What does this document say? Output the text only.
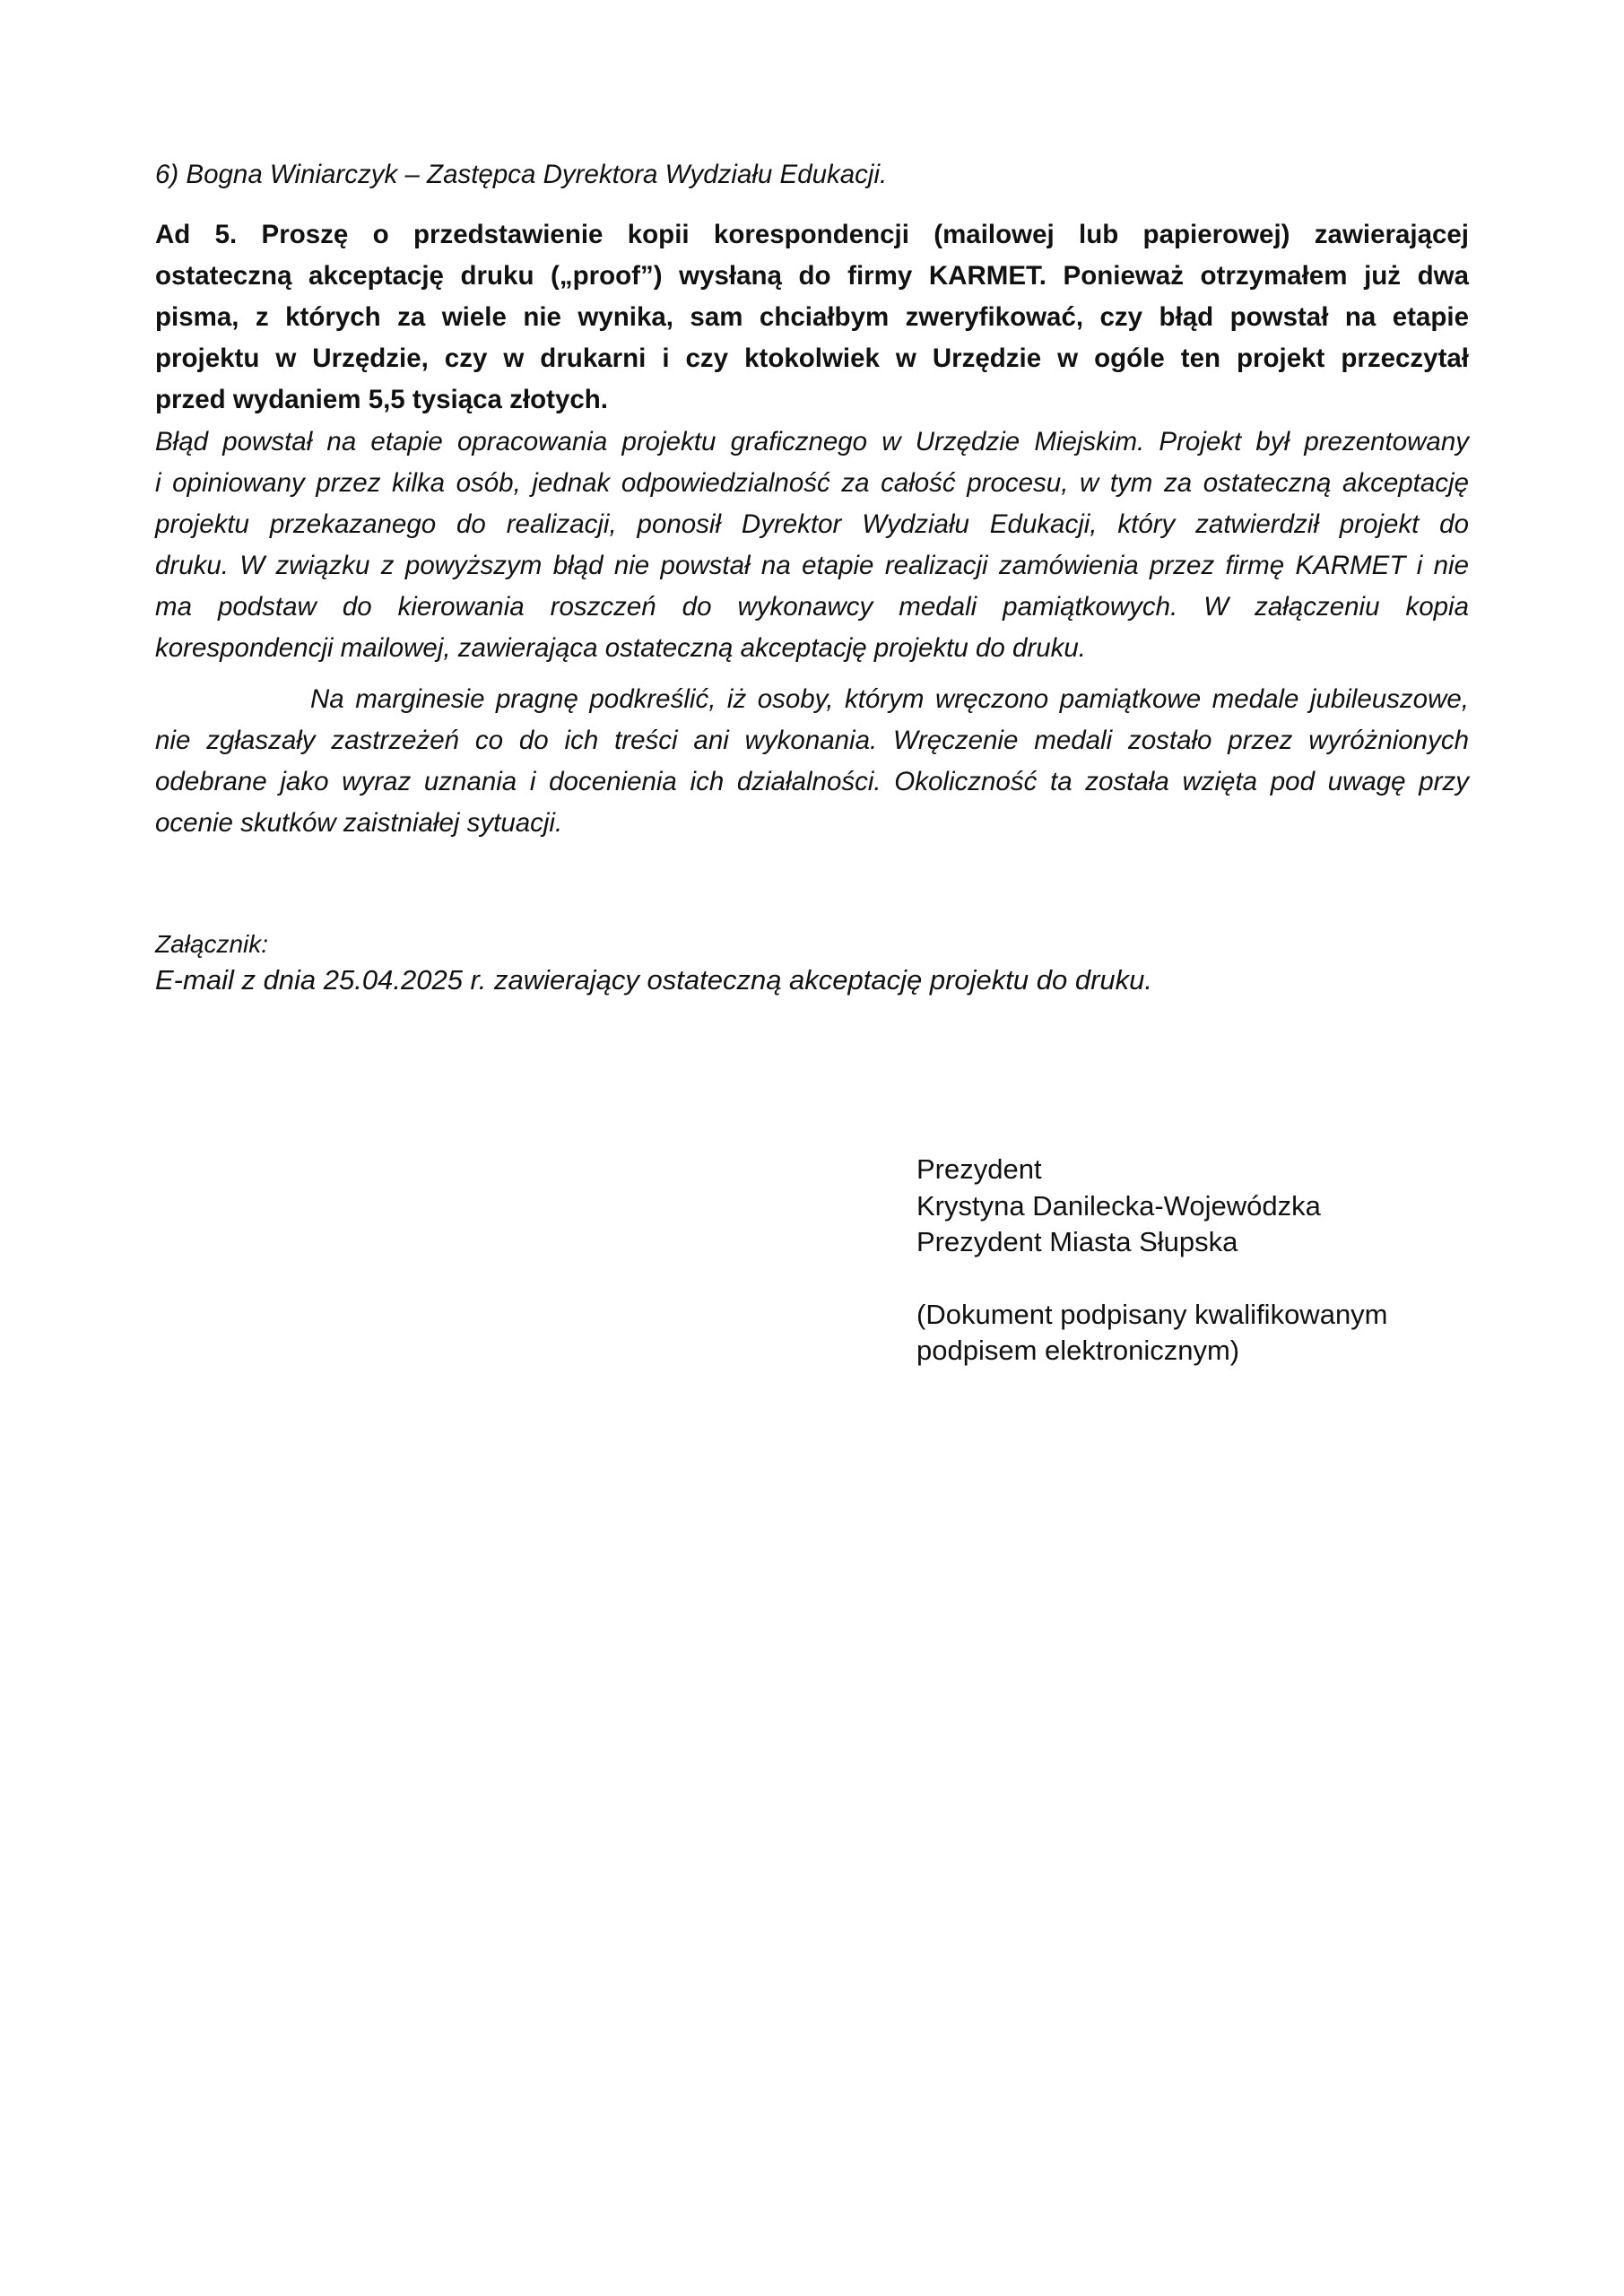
6) Bogna Winiarczyk – Zastępca Dyrektora Wydziału Edukacji.
Ad 5. Proszę o przedstawienie kopii korespondencji (mailowej lub papierowej) zawierającej
ostateczną akceptację druku („proof”) wysłaną do firmy KARMET. Ponieważ otrzymałem już dwa
pisma, z których za wiele nie wynika, sam chciałbym zweryfikować, czy błąd powstał na etapie
projektu w Urzędzie, czy w drukarni i czy ktokolwiek w Urzędzie w ogóle ten projekt przeczytał
przed wydaniem 5,5 tysiąca złotych.
Błąd powstał na etapie opracowania projektu graficznego w Urzędzie Miejskim. Projekt był prezentowany
i opiniowany przez kilka osób, jednak odpowiedzialność za całość procesu, w tym za ostateczną akceptację
projektu przekazanego do realizacji, ponosił Dyrektor Wydziału Edukacji, który zatwierdził projekt do
druku. W związku z powyższym błąd nie powstał na etapie realizacji zamówienia przez firmę KARMET i nie
ma podstaw do kierowania roszczeń do wykonawcy medali pamiątkowych. W załączeniu kopia
korespondencji mailowej, zawierająca ostateczną akceptację projektu do druku.
Na marginesie pragnę podkreślić, iż osoby, którym wręczono pamiątkowe medale jubileuszowe,
nie zgłaszały zastrzeżeń co do ich treści ani wykonania. Wręczenie medali zostało przez wyróżnionych
odebrane jako wyraz uznania i docenienia ich działalności. Okoliczność ta została wzięta pod uwagę przy
ocenie skutków zaistniałej sytuacji.
Załącznik:
E-mail z dnia 25.04.2025 r. zawierający ostateczną akceptację projektu do druku.
Prezydent
Krystyna Danilecka-Wojewódzka
Prezydent Miasta Słupska
(Dokument podpisany kwalifikowanym
podpisem elektronicznym)
